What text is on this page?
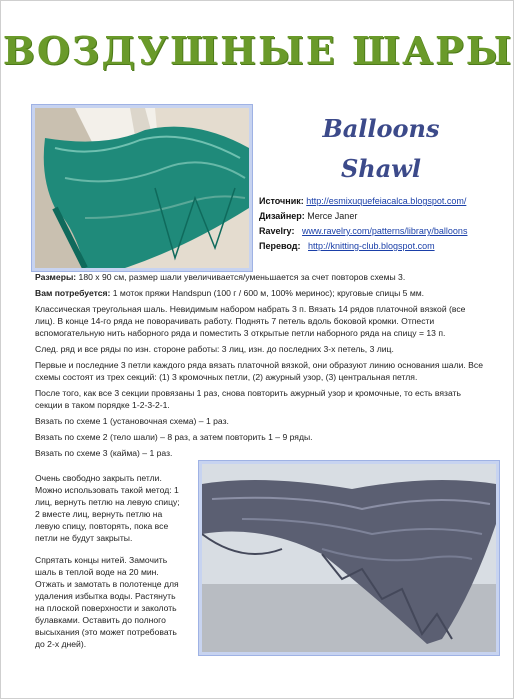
ВОЗДУШНЫЕ ШАРЫ
Balloons
Shawl
Источник: http://esmixuquefeiacalca.blogspot.com/
Дизайнер: Merce Janer
Ravelry: www.ravelry.com/patterns/library/balloons
Перевод: http://knitting-club.blogspot.com

Размеры: 180 х 90 см, размер шали увеличивается/уменьшается за счет повторов схемы 3.

Вам потребуется: 1 моток пряжи Handspun (100 г / 600 м, 100% меринос); круговые спицы 5 мм.

Классическая треугольная шаль. Невидимым набором набрать 3 п. Вязать 14 рядов платочной вязкой (все лиц). В конце 14-го ряда не поворачивать работу. Поднять 7 петель вдоль боковой кромки. Отпести вспомогательную нить наборного ряда и поместить 3 открытые петли наборного ряда на спицу = 13 п.

След. ряд и все ряды по изн. стороне работы: 3 лиц, изн. до последних 3-х петель, 3 лиц.

Первые и последние 3 петли каждого ряда вязать платочной вязкой, они образуют линию основания шали. Все схемы состоят из трех секций: (1) 3 кромочных петли, (2) ажурный узор, (3) центральная петля.

После того, как все 3 секции провязаны 1 раз, снова повторить ажурный узор и кромочные, то есть вязать секции в таком порядке 1-2-3-2-1.

Вязать по схеме 1 (установочная схема) – 1 раз.

Вязать по схеме 2 (тело шали) – 8 раз, а затем повторить 1 – 9 ряды.

Вязать по схеме 3 (кайма) – 1 раз.

Очень свободно закрыть петли. Можно использовать такой метод: 1 лиц, вернуть петлю на левую спицу; 2 вместе лиц, вернуть петлю на левую спицу, повторять, пока все петли не будут закрыты.

Спрятать концы нитей. Замочить шаль в теплой воде на 20 мин. Отжать и замотать в полотенце для удаления избытка воды. Растянуть на плоской поверхности и заколоть булавками. Оставить до полного высыхания (это может потребовать до 2-х дней).
